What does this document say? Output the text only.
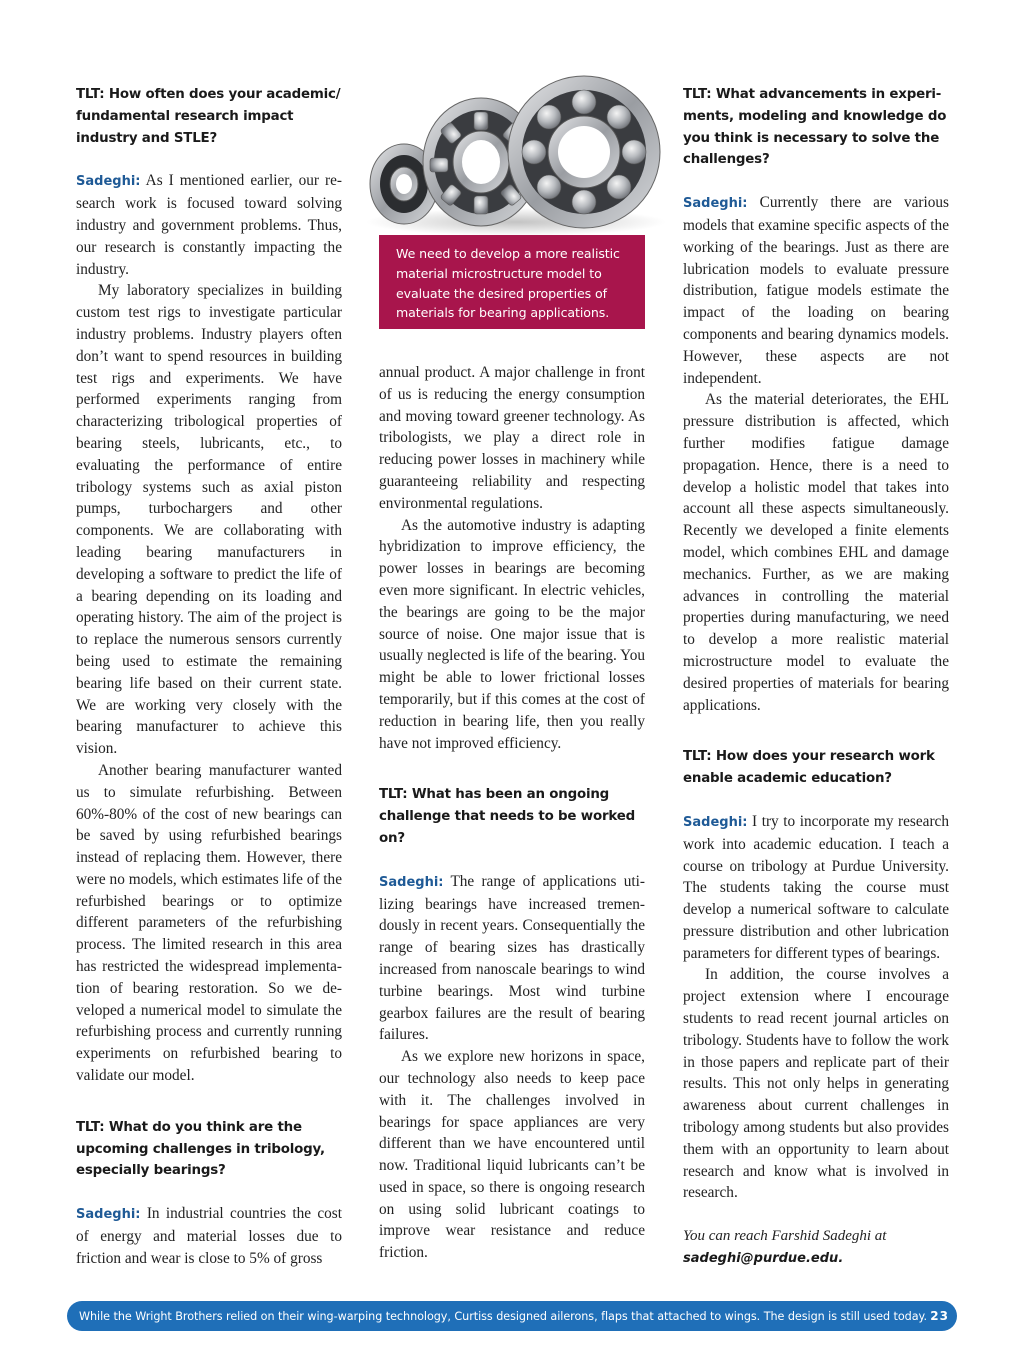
We need to develop a more realistic material microstructure model to evaluate the desired properties of materials for bearing applications.

TLT: How often does your academic/ fundamental research impact industry and STLE?

Sadeghi: As I mentioned earlier, our research work is focused toward solving industry and government problems. Thus, our research is constantly impacting the industry.

My laboratory specializes in building custom test rigs to investigate particular industry problems. Industry players often don’t want to spend resources in building test rigs and experiments. We have performed experiments ranging from characterizing tribological properties of bearing steels, lubricants, etc., to evaluating the performance of entire tribology systems such as axial piston pumps, turbochargers and other components. We are collaborating with leading bearing manufacturers in developing a software to predict the life of a bearing depending on its loading and operating history. The aim of the project is to replace the numerous sensors currently being used to estimate the remaining bearing life based on their current state. We are working very closely with the bearing manufacturer to achieve this vision.

Another bearing manufacturer wanted us to simulate refurbishing. Between 60%-80% of the cost of new bearings can be saved by using refurbished bearings instead of replacing them. However, there were no models, which estimates life of the refurbished bearings or to optimize different parameters of the refurbishing process. The limited research in this area has restricted the widespread implementation of bearing restoration. So we developed a numerical model to simulate the refurbishing process and currently running experiments on refurbished bearing to validate our model.

TLT: What do you think are the upcoming challenges in tribology, especially bearings?

Sadeghi: In industrial countries the cost of energy and material losses due to friction and wear is close to 5% of gross

annual product. A major challenge in front of us is reducing the energy consumption and moving toward greener technology. As tribologists, we play a direct role in reducing power losses in machinery while guaranteeing reliability and respecting environmental regulations.

As the automotive industry is adapting hybridization to improve efficiency, the power losses in bearings are becoming even more significant. In electric vehicles, the bearings are going to be the major source of noise. One major issue that is usually neglected is life of the bearing. You might be able to lower frictional losses temporarily, but if this comes at the cost of reduction in bearing life, then you really have not improved efficiency.

TLT: What has been an ongoing challenge that needs to be worked on?

Sadeghi: The range of applications utilizing bearings have increased tremendously in recent years. Consequentially the range of bearing sizes has drastically increased from nanoscale bearings to wind turbine bearings. Most wind turbine gearbox failures are the result of bearing failures.

As we explore new horizons in space, our technology also needs to keep pace with it. The challenges involved in bearings for space appliances are very different than we have encountered until now. Traditional liquid lubricants can’t be used in space, so there is ongoing research on using solid lubricant coatings to improve wear resistance and reduce friction.

TLT: What advancements in experiments, modeling and knowledge do you think is necessary to solve the challenges?

Sadeghi: Currently there are various models that examine specific aspects of the working of the bearings. Just as there are lubrication models to evaluate pressure distribution, fatigue models estimate the impact of the loading on bearing components and bearing dynamics models. However, these aspects are not independent.

As the material deteriorates, the EHL pressure distribution is affected, which further modifies fatigue damage propagation. Hence, there is a need to develop a holistic model that takes into account all these aspects simultaneously. Recently we developed a finite elements model, which combines EHL and damage mechanics. Further, as we are making advances in controlling the material properties during manufacturing, we need to develop a more realistic material microstructure model to evaluate the desired properties of materials for bearing applications.

TLT: How does your research work enable academic education?

Sadeghi: I try to incorporate my research work into academic education. I teach a course on tribology at Purdue University. The students taking the course must develop a numerical software to calculate pressure distribution and other lubrication parameters for different types of bearings.

In addition, the course involves a project extension where I encourage students to read recent journal articles on tribology. Students have to follow the work in those papers and replicate part of their results. This not only helps in generating awareness about current challenges in tribology among students but also provides them with an opportunity to learn about research and know what is involved in research.

You can reach Farshid Sadeghi at

sadeghi@purdue.edu.

While the Wright Brothers relied on their wing-warping technology, Curtiss designed ailerons, flaps that attached to wings. The design is still used today. 23
